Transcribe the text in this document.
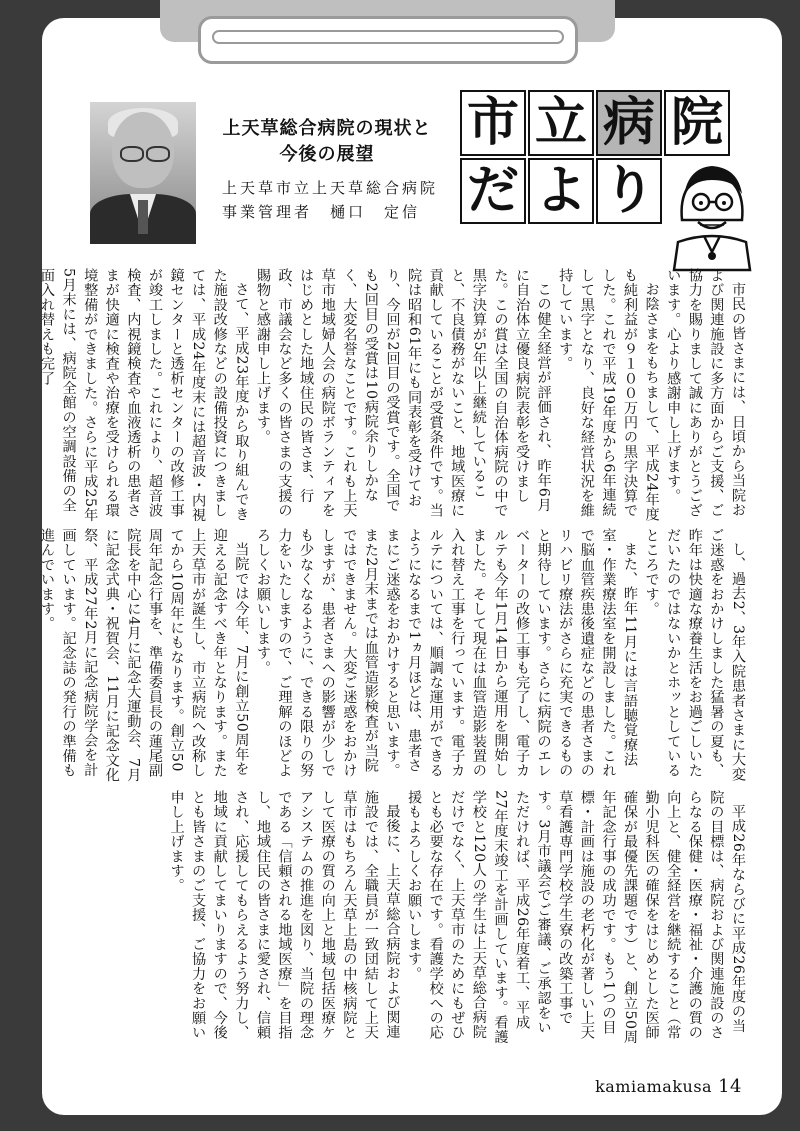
上天草総合病院の現状と
今後の展望
上天草市立上天草総合病院
事業管理者　樋口　定信
市 立 病 院
だ よ り

市民の皆さまには、日頃から当院および関連施設に多方面からご支援、ご協力を賜りまして誠にありがとうございます。心より感謝申し上げます。

お陰さまをもちまして、平成24年度も純利益が９１００万円の黒字決算でした。これで平成19年度から6年連続して黒字となり、良好な経営状況を維持しています。

この健全経営が評価され、昨年6月に自治体立優良病院表彰を受けました。この賞は全国の自治体病院の中で黒字決算が5年以上継続していること、不良債務がないこと、地域医療に貢献していることが受賞条件です。当院は昭和61年にも同表彰を受けており、今回が2回目の受賞です。全国でも2回目の受賞は10病院余りしかなく、大変名誉なことです。これも上天草市地域婦人会の病院ボランティアをはじめとした地域住民の皆さま、行政、市議会など多くの皆さまの支援の賜物と感謝申し上げます。

さて、平成23年度から取り組んできた施設改修などの設備投資につきましては、平成24年度末には超音波・内視鏡センターと透析センターの改修工事が竣工しました。これにより、超音波検査、内視鏡検査や血液透析の患者さまが快適に検査や治療を受けられる環境整備ができました。さらに平成25年5月末には、病院全館の空調設備の全面入れ替えも完了

し、過去2、3年入院患者さまに大変ご迷惑をおかけしました猛暑の夏も、昨年は快適な療養生活をお過ごしいただいたのではないかとホッとしているところです。

また、昨年11月には言語聴覚療法室・作業療法室を開設しました。これで脳血管疾患後遺症などの患者さまのリハビリ療法がさらに充実できるものと期待しています。さらに病院のエレベーターの改修工事も完了し、電子カルテも今年1月14日から運用を開始しました。そして現在は血管造影装置の入れ替え工事を行っています。電子カルテについては、順調な運用ができるようになるまで1ヵ月ほどは、患者さまにご迷惑をおかけすると思います。また2月末までは血管造影検査が当院ではできません。大変ご迷惑をおかけしますが、患者さまへの影響が少しでも少なくなるように、できる限りの努力をいたしますので、ご理解のほどよろしくお願いします。

当院では今年、7月に創立50周年を迎える記念すべき年となります。また上天草市が誕生し、市立病院へ改称してから10周年にもなります。創立50周年記念行事を、準備委員長の蓮尾副院長を中心に4月に記念大運動会、7月に記念式典・祝賀会、11月に記念文化祭、平成27年2月に記念病院学会を計画しています。記念誌の発行の準備も進んでいます。

平成26年ならびに平成26年度の当院の目標は、病院および関連施設のさらなる保健・医療・福祉・介護の質の向上と、健全経営を継続すること（常勤小児科医の確保をはじめとした医師確保が最優先課題です）と、創立50周年記念行事の成功です。もう1つの目標・計画は施設の老朽化が著しい上天草看護専門学校学生寮の改築工事です。3月市議会でご審議、ご承認をいただければ、平成26年度着工、平成27年度末竣工を計画しています。看護学校と120人の学生は上天草総合病院だけでなく、上天草市のためにもぜひとも必要な存在です。看護学校への応援もよろしくお願いします。

最後に、上天草総合病院および関連施設では、全職員が一致団結して上天草市はもちろん天草上島の中核病院として医療の質の向上と地域包括医療ケアシステムの推進を図り、当院の理念である「信頼される地域医療」を目指し、地域住民の皆さまに愛され、信頼され、応援してもらえるよう努力し、地域に貢献してまいりますので、今後とも皆さまのご支援、ご協力をお願い申し上げます。

kamiamakusa 14
